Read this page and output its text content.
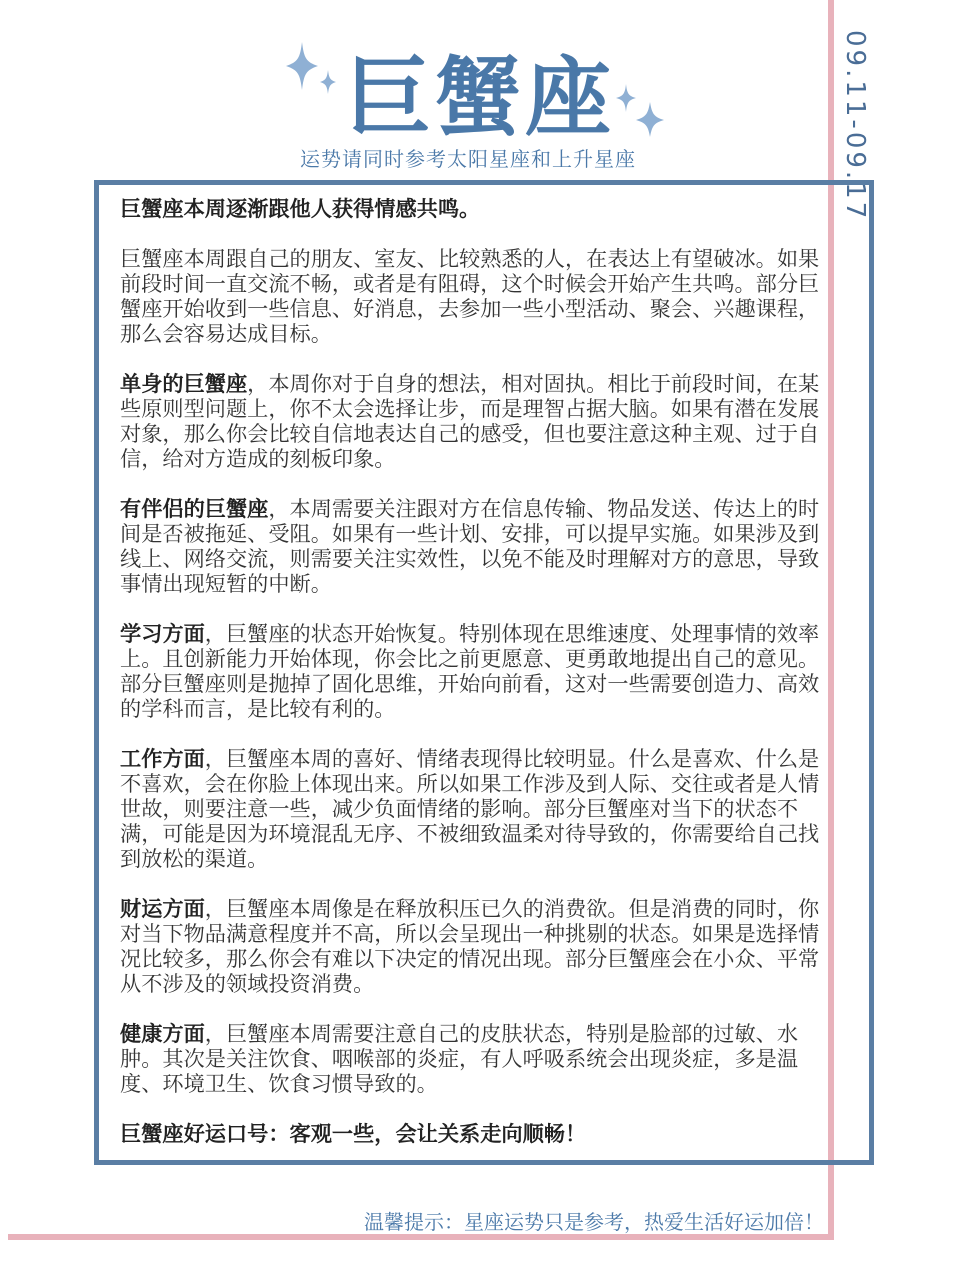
09.11-09.17
巨蟹座
运势请同时参考太阳星座和上升星座

巨蟹座本周逐渐跟他人获得情感共鸣。

巨蟹座本周跟自己的朋友、室友、比较熟悉的人，在表达上有望破冰。如果前段时间一直交流不畅，或者是有阻碍，这个时候会开始产生共鸣。部分巨蟹座开始收到一些信息、好消息，去参加一些小型活动、聚会、兴趣课程，那么会容易达成目标。

单身的巨蟹座，本周你对于自身的想法，相对固执。相比于前段时间，在某些原则型问题上，你不太会选择让步，而是理智占据大脑。如果有潜在发展对象，那么你会比较自信地表达自己的感受，但也要注意这种主观、过于自信，给对方造成的刻板印象。

有伴侣的巨蟹座，本周需要关注跟对方在信息传输、物品发送、传达上的时间是否被拖延、受阻。如果有一些计划、安排，可以提早实施。如果涉及到线上、网络交流，则需要关注实效性，以免不能及时理解对方的意思，导致事情出现短暂的中断。

学习方面，巨蟹座的状态开始恢复。特别体现在思维速度、处理事情的效率上。且创新能力开始体现，你会比之前更愿意、更勇敢地提出自己的意见。部分巨蟹座则是抛掉了固化思维，开始向前看，这对一些需要创造力、高效的学科而言，是比较有利的。

工作方面，巨蟹座本周的喜好、情绪表现得比较明显。什么是喜欢、什么是不喜欢，会在你脸上体现出来。所以如果工作涉及到人际、交往或者是人情世故，则要注意一些，减少负面情绪的影响。部分巨蟹座对当下的状态不满，可能是因为环境混乱无序、不被细致温柔对待导致的，你需要给自己找到放松的渠道。

财运方面，巨蟹座本周像是在释放积压已久的消费欲。但是消费的同时，你对当下物品满意程度并不高，所以会呈现出一种挑剔的状态。如果是选择情况比较多，那么你会有难以下决定的情况出现。部分巨蟹座会在小众、平常从不涉及的领域投资消费。

健康方面，巨蟹座本周需要注意自己的皮肤状态，特别是脸部的过敏、水肿。其次是关注饮食、咽喉部的炎症，有人呼吸系统会出现炎症，多是温度、环境卫生、饮食习惯导致的。

巨蟹座好运口号：客观一些，会让关系走向顺畅！

温馨提示：星座运势只是参考，热爱生活好运加倍！
